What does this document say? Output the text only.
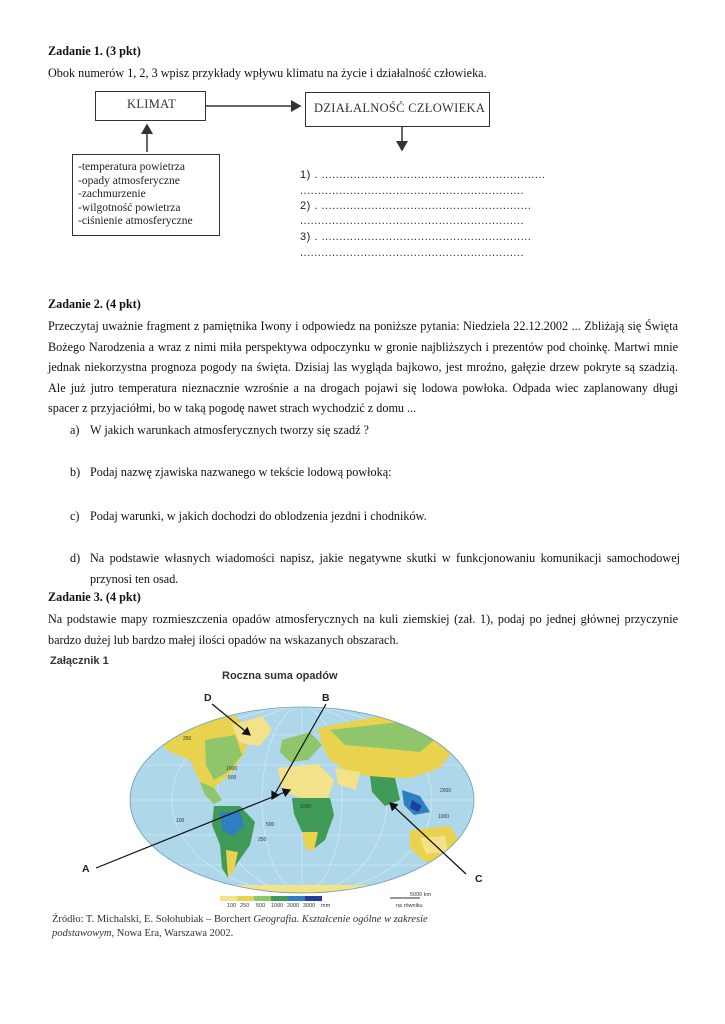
Zadanie 1. (3 pkt)
Obok numerów 1, 2, 3 wpisz przykłady wpływu klimatu na życie i działalność człowieka.
KLIMAT	DZIAŁALNOŚĆ CZŁOWIEKA
-temperatura powietrza
-opady atmosferyczne
-zachmurzenie
-wilgotność powietrza
-ciśnienie atmosferyczne
1) . ...............................................................
...............................................................
2) . ...........................................................
...............................................................
3) . ...........................................................
...............................................................
Zadanie 2. (4 pkt)
Przeczytaj uważnie fragment z pamiętnika Iwony i odpowiedz na poniższe pytania: Niedziela 22.12.2002 ... Zbliżają się Święta Bożego Narodzenia a wraz z nimi miła perspektywa odpoczynku w gronie najbliższych i prezentów pod choinkę. Martwi mnie jednak niekorzystna prognoza pogody na święta. Dzisiaj las wygląda bajkowo, jest mroźno, gałęzie drzew pokryte są szadzią. Ale już jutro temperatura nieznacznie wzrośnie a na drogach pojawi się lodowa powłoka. Odpada wiec zaplanowany długi spacer z przyjaciółmi, bo w taką pogodę nawet strach wychodzić z domu ...
a) W jakich warunkach atmosferycznych tworzy się szadź ?
b) Podaj nazwę zjawiska nazwanego w tekście lodową powłoką:
c) Podaj warunki, w jakich dochodzi do oblodzenia jezdni i chodników.
d) Na podstawie własnych wiadomości napisz, jakie negatywne skutki w funkcjonowaniu komunikacji samochodowej przynosi ten osad.
Zadanie 3. (4 pkt)
Na podstawie mapy rozmieszczenia opadów atmosferycznych na kuli ziemskiej (zał. 1), podaj po jednej głównej przyczynie bardzo dużej lub bardzo małej ilości opadów na wskazanych obszarach.
Załącznik 1
Roczna suma opadów
1000
500
250
1000
500
2000
1000
100
250
D	B
A
C
100 250 500 1000 2000 3000 mm
5000 km
na równiku
Źródło: T. Michalski, E. Sołohubiak – Borchert Geografia. Kształcenie ogólne w zakresie podstawowym, Nowa Era, Warszawa 2002.
